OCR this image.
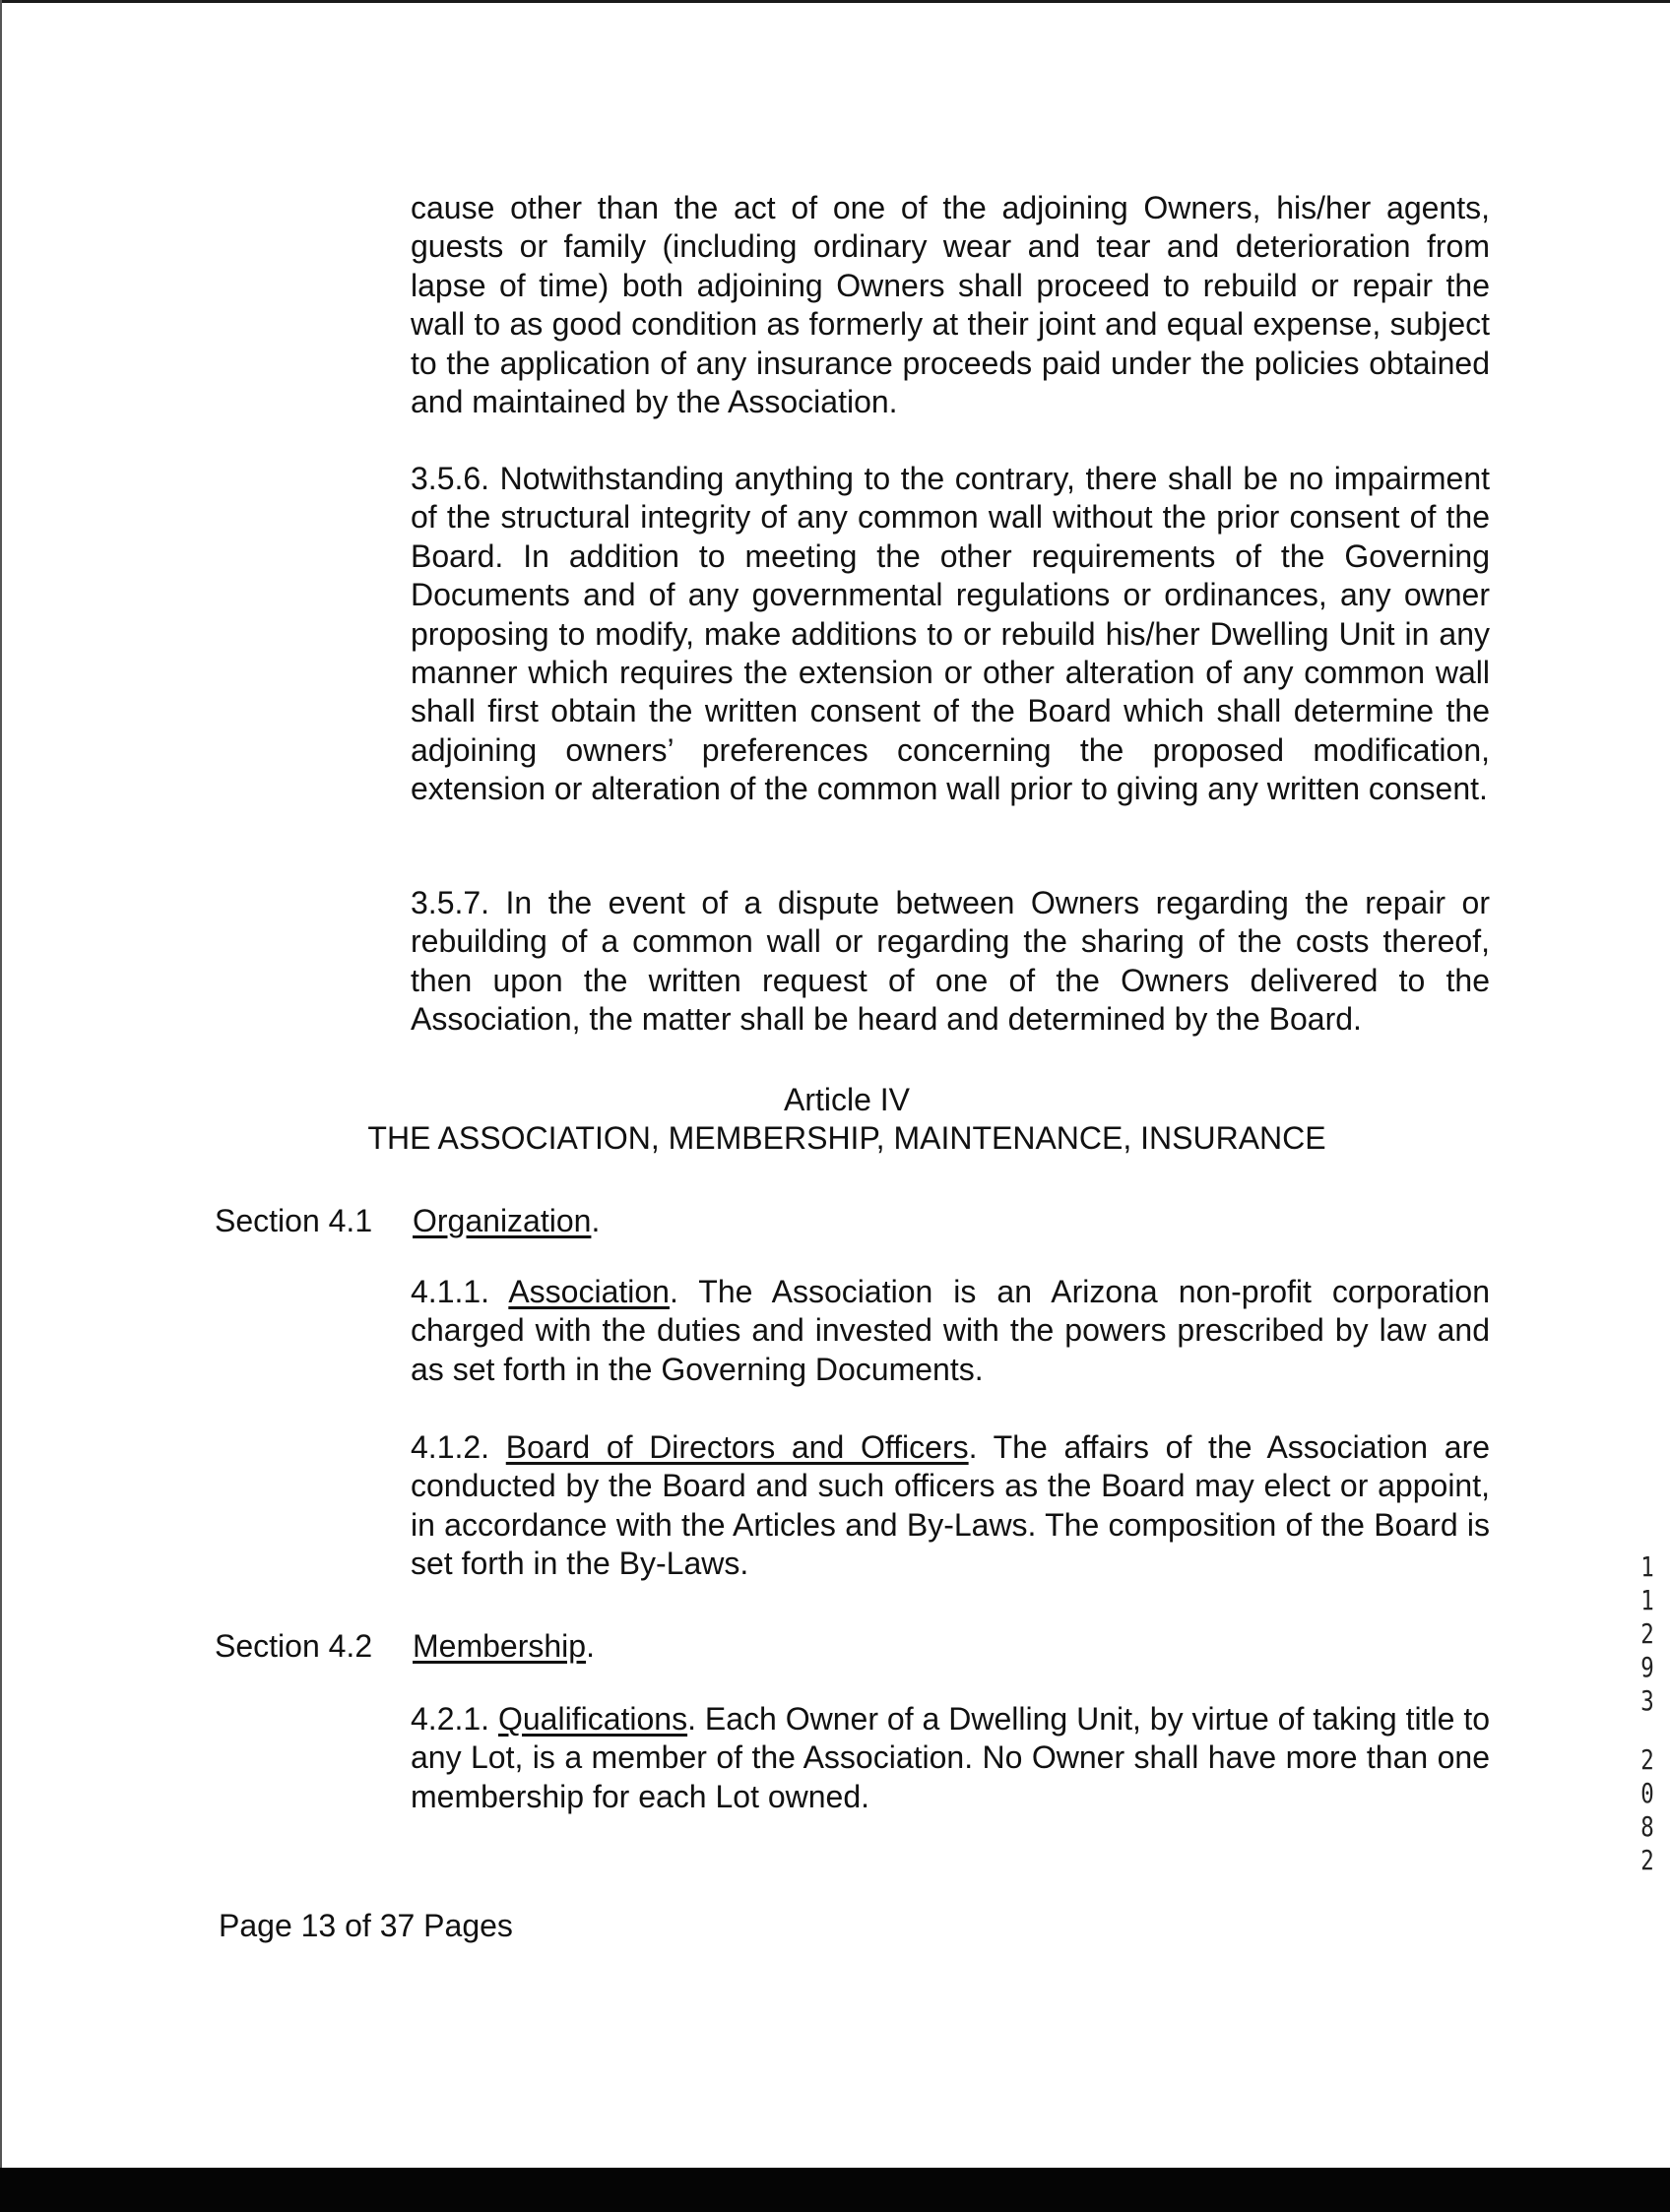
cause other than the act of one of the adjoining Owners, his/her agents, guests or family (including ordinary wear and tear and deterioration from lapse of time) both adjoining Owners shall proceed to rebuild or repair the wall to as good condition as formerly at their joint and equal expense, subject to the application of any insurance proceeds paid under the policies obtained and maintained by the Association.

3.5.6. Notwithstanding anything to the contrary, there shall be no impairment of the structural integrity of any common wall without the prior consent of the Board. In addition to meeting the other requirements of the Governing Documents and of any governmental regulations or ordinances, any owner proposing to modify, make additions to or rebuild his/her Dwelling Unit in any manner which requires the extension or other alteration of any common wall shall first obtain the written consent of the Board which shall determine the adjoining owners’ preferences concerning the proposed modification, extension or alteration of the common wall prior to giving any written consent.

3.5.7. In the event of a dispute between Owners regarding the repair or rebuilding of a common wall or regarding the sharing of the costs thereof, then upon the written request of one of the Owners delivered to the Association, the matter shall be heard and determined by the Board.

Article IV
THE ASSOCIATION, MEMBERSHIP, MAINTENANCE, INSURANCE
Section 4.1 Organization.

4.1.1. Association. The Association is an Arizona non-profit corporation charged with the duties and invested with the powers prescribed by law and as set forth in the Governing Documents.

4.1.2. Board of Directors and Officers. The affairs of the Association are conducted by the Board and such officers as the Board may elect or appoint, in accordance with the Articles and By-Laws. The composition of the Board is set forth in the By-Laws.

Section 4.2 Membership.

4.2.1. Qualifications. Each Owner of a Dwelling Unit, by virtue of taking title to any Lot, is a member of the Association. No Owner shall have more than one membership for each Lot owned.

Page 13 of 37 Pages
1
1
2
9
3
2
0
8
2
